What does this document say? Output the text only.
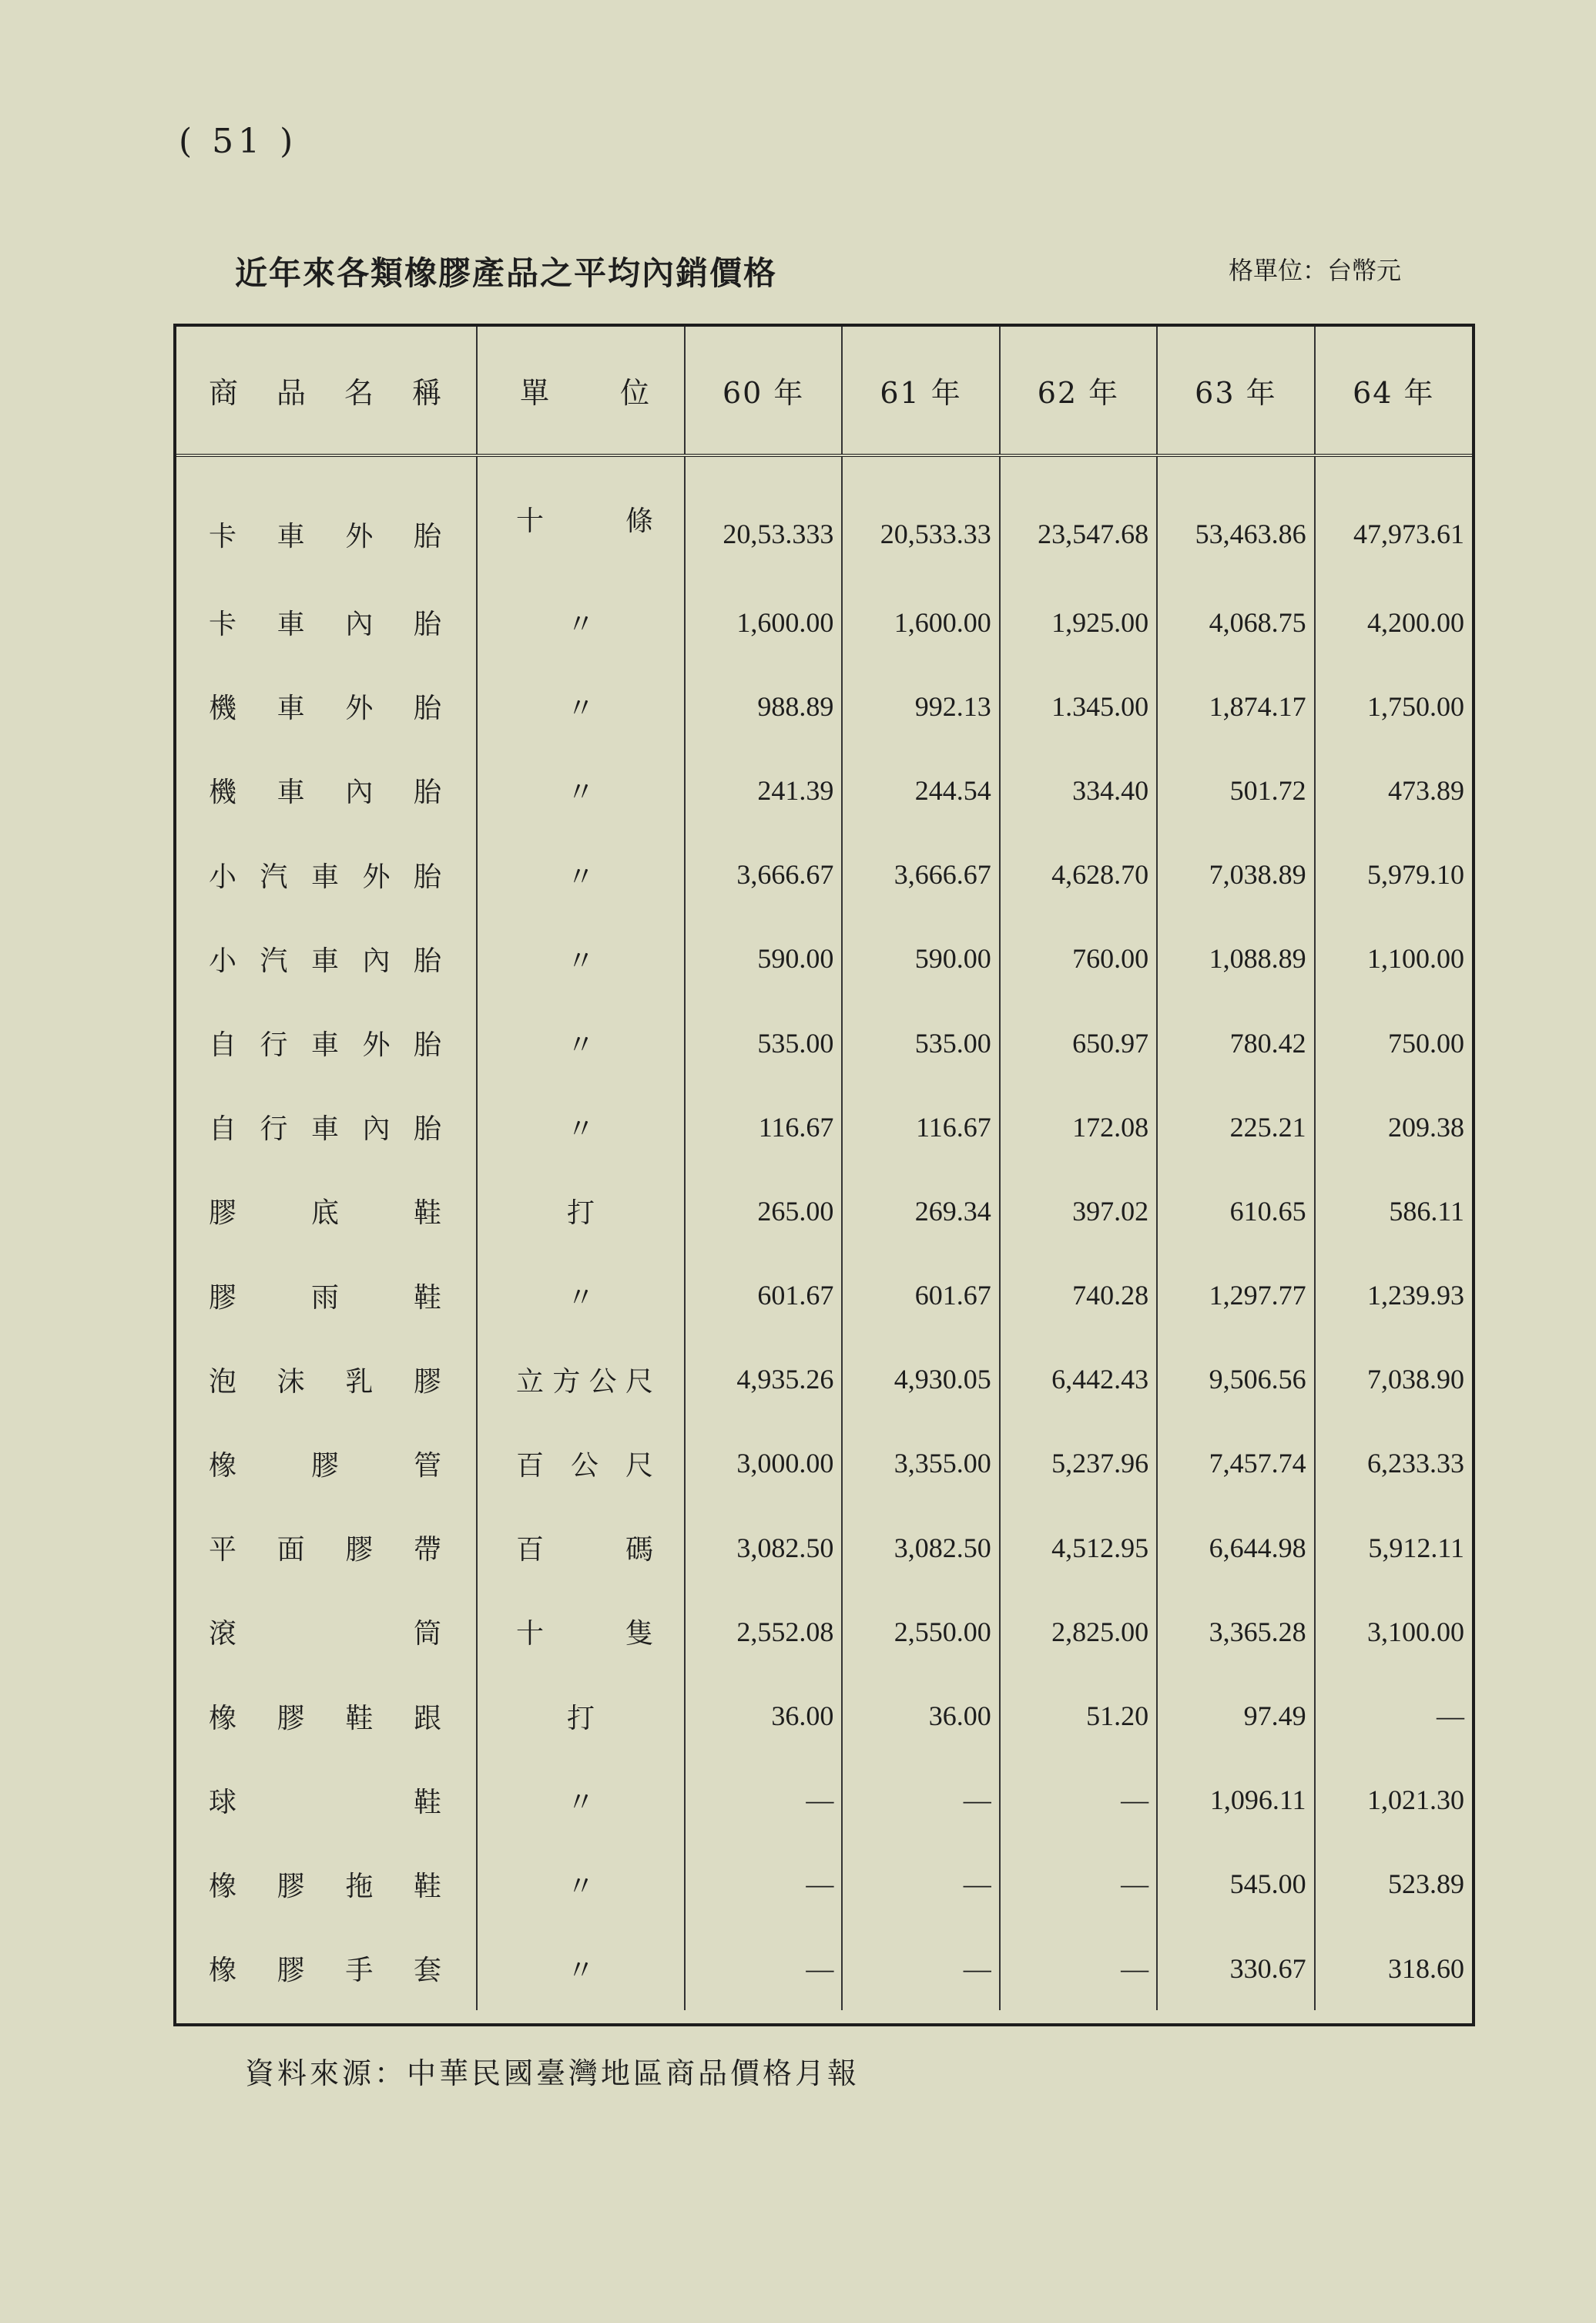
( 51 )
近年來各類橡膠產品之平均內銷價格	格單位：台幣元
商品名稱	單位	60 年	61 年	62 年	63 年	64 年
卡車外胎	十條	20,53.333	20,533.33	23,547.68	53,463.86	47,973.61
卡車內胎	〃	1,600.00	1,600.00	1,925.00	4,068.75	4,200.00
機車外胎	〃	988.89	992.13	1.345.00	1,874.17	1,750.00
機車內胎	〃	241.39	244.54	334.40	501.72	473.89
小汽車外胎	〃	3,666.67	3,666.67	4,628.70	7,038.89	5,979.10
小汽車內胎	〃	590.00	590.00	760.00	1,088.89	1,100.00
自行車外胎	〃	535.00	535.00	650.97	780.42	750.00
自行車內胎	〃	116.67	116.67	172.08	225.21	209.38
膠底鞋	打	265.00	269.34	397.02	610.65	586.11
膠雨鞋	〃	601.67	601.67	740.28	1,297.77	1,239.93
泡沫乳膠	立方公尺	4,935.26	4,930.05	6,442.43	9,506.56	7,038.90
橡膠管	百公尺	3,000.00	3,355.00	5,237.96	7,457.74	6,233.33
平面膠帶	百碼	3,082.50	3,082.50	4,512.95	6,644.98	5,912.11
滾筒	十隻	2,552.08	2,550.00	2,825.00	3,365.28	3,100.00
橡膠鞋跟	打	36.00	36.00	51.20	97.49	—
球鞋	〃	—	—	—	1,096.11	1,021.30
橡膠拖鞋	〃	—	—	—	545.00	523.89
橡膠手套	〃	—	—	—	330.67	318.60
資料來源：中華民國臺灣地區商品價格月報
